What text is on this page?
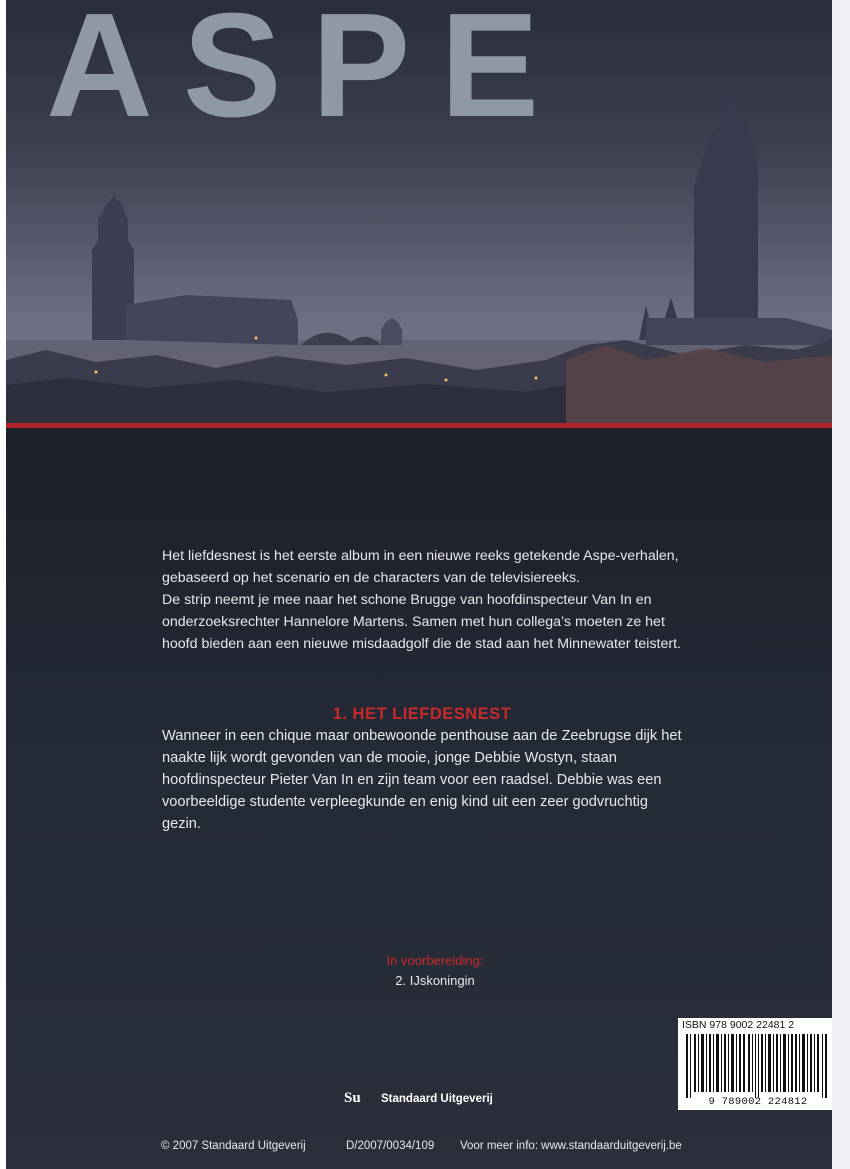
ASPE

Het liefdesnest is het eerste album in een nieuwe reeks getekende Aspe-verhalen, gebaseerd op het scenario en de characters van de televisiereeks.

De strip neemt je mee naar het schone Brugge van hoofdinspecteur Van In en onderzoeksrechter Hannelore Martens. Samen met hun collega’s moeten ze het hoofd bieden aan een nieuwe misdaadgolf die de stad aan het Minnewater teistert.

1. HET LIEFDESNEST
Wanneer in een chique maar onbewoonde penthouse aan de Zeebrugse dijk het naakte lijk wordt gevonden van de mooie, jonge Debbie Wostyn, staan hoofdinspecteur Pieter Van In en zijn team voor een raadsel. Debbie was een voorbeeldige studente verpleegkunde en enig kind uit een zeer godvruchtig gezin.
In voorbereiding:
2. IJskoningin
ISBN 978 9002 22481 2
9 789002 224812
Su Standaard Uitgeverij
© 2007 Standaard Uitgeverij	D/2007/0034/109 Voor meer info: www.standaarduitgeverij.be
